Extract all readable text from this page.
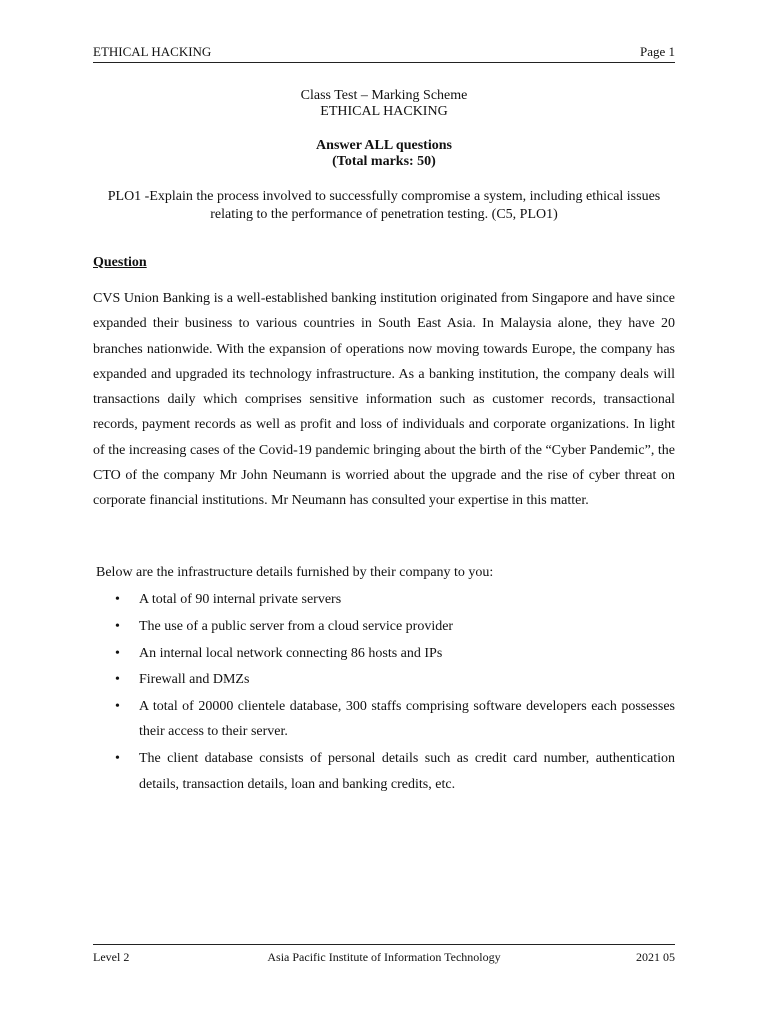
ETHICAL HACKING	Page 1
Class Test – Marking Scheme
ETHICAL HACKING
Answer ALL questions
(Total marks: 50)
PLO1 -Explain the process involved to successfully compromise a system, including ethical issues relating to the performance of penetration testing. (C5, PLO1)
Question
CVS Union Banking is a well-established banking institution originated from Singapore and have since expanded their business to various countries in South East Asia. In Malaysia alone, they have 20 branches nationwide. With the expansion of operations now moving towards Europe, the company has expanded and upgraded its technology infrastructure. As a banking institution, the company deals will transactions daily which comprises sensitive information such as customer records, transactional records, payment records as well as profit and loss of individuals and corporate organizations. In light of the increasing cases of the Covid-19 pandemic bringing about the birth of the “Cyber Pandemic”, the CTO of the company Mr John Neumann is worried about the upgrade and the rise of cyber threat on corporate financial institutions. Mr Neumann has consulted your expertise in this matter.
Below are the infrastructure details furnished by their company to you:
• A total of 90 internal private servers
• The use of a public server from a cloud service provider
• An internal local network connecting 86 hosts and IPs
• Firewall and DMZs
• A total of 20000 clientele database, 300 staffs comprising software developers each possesses their access to their server.
• The client database consists of personal details such as credit card number, authentication details, transaction details, loan and banking credits, etc.
Level 2	Asia Pacific Institute of Information Technology	2021 05
